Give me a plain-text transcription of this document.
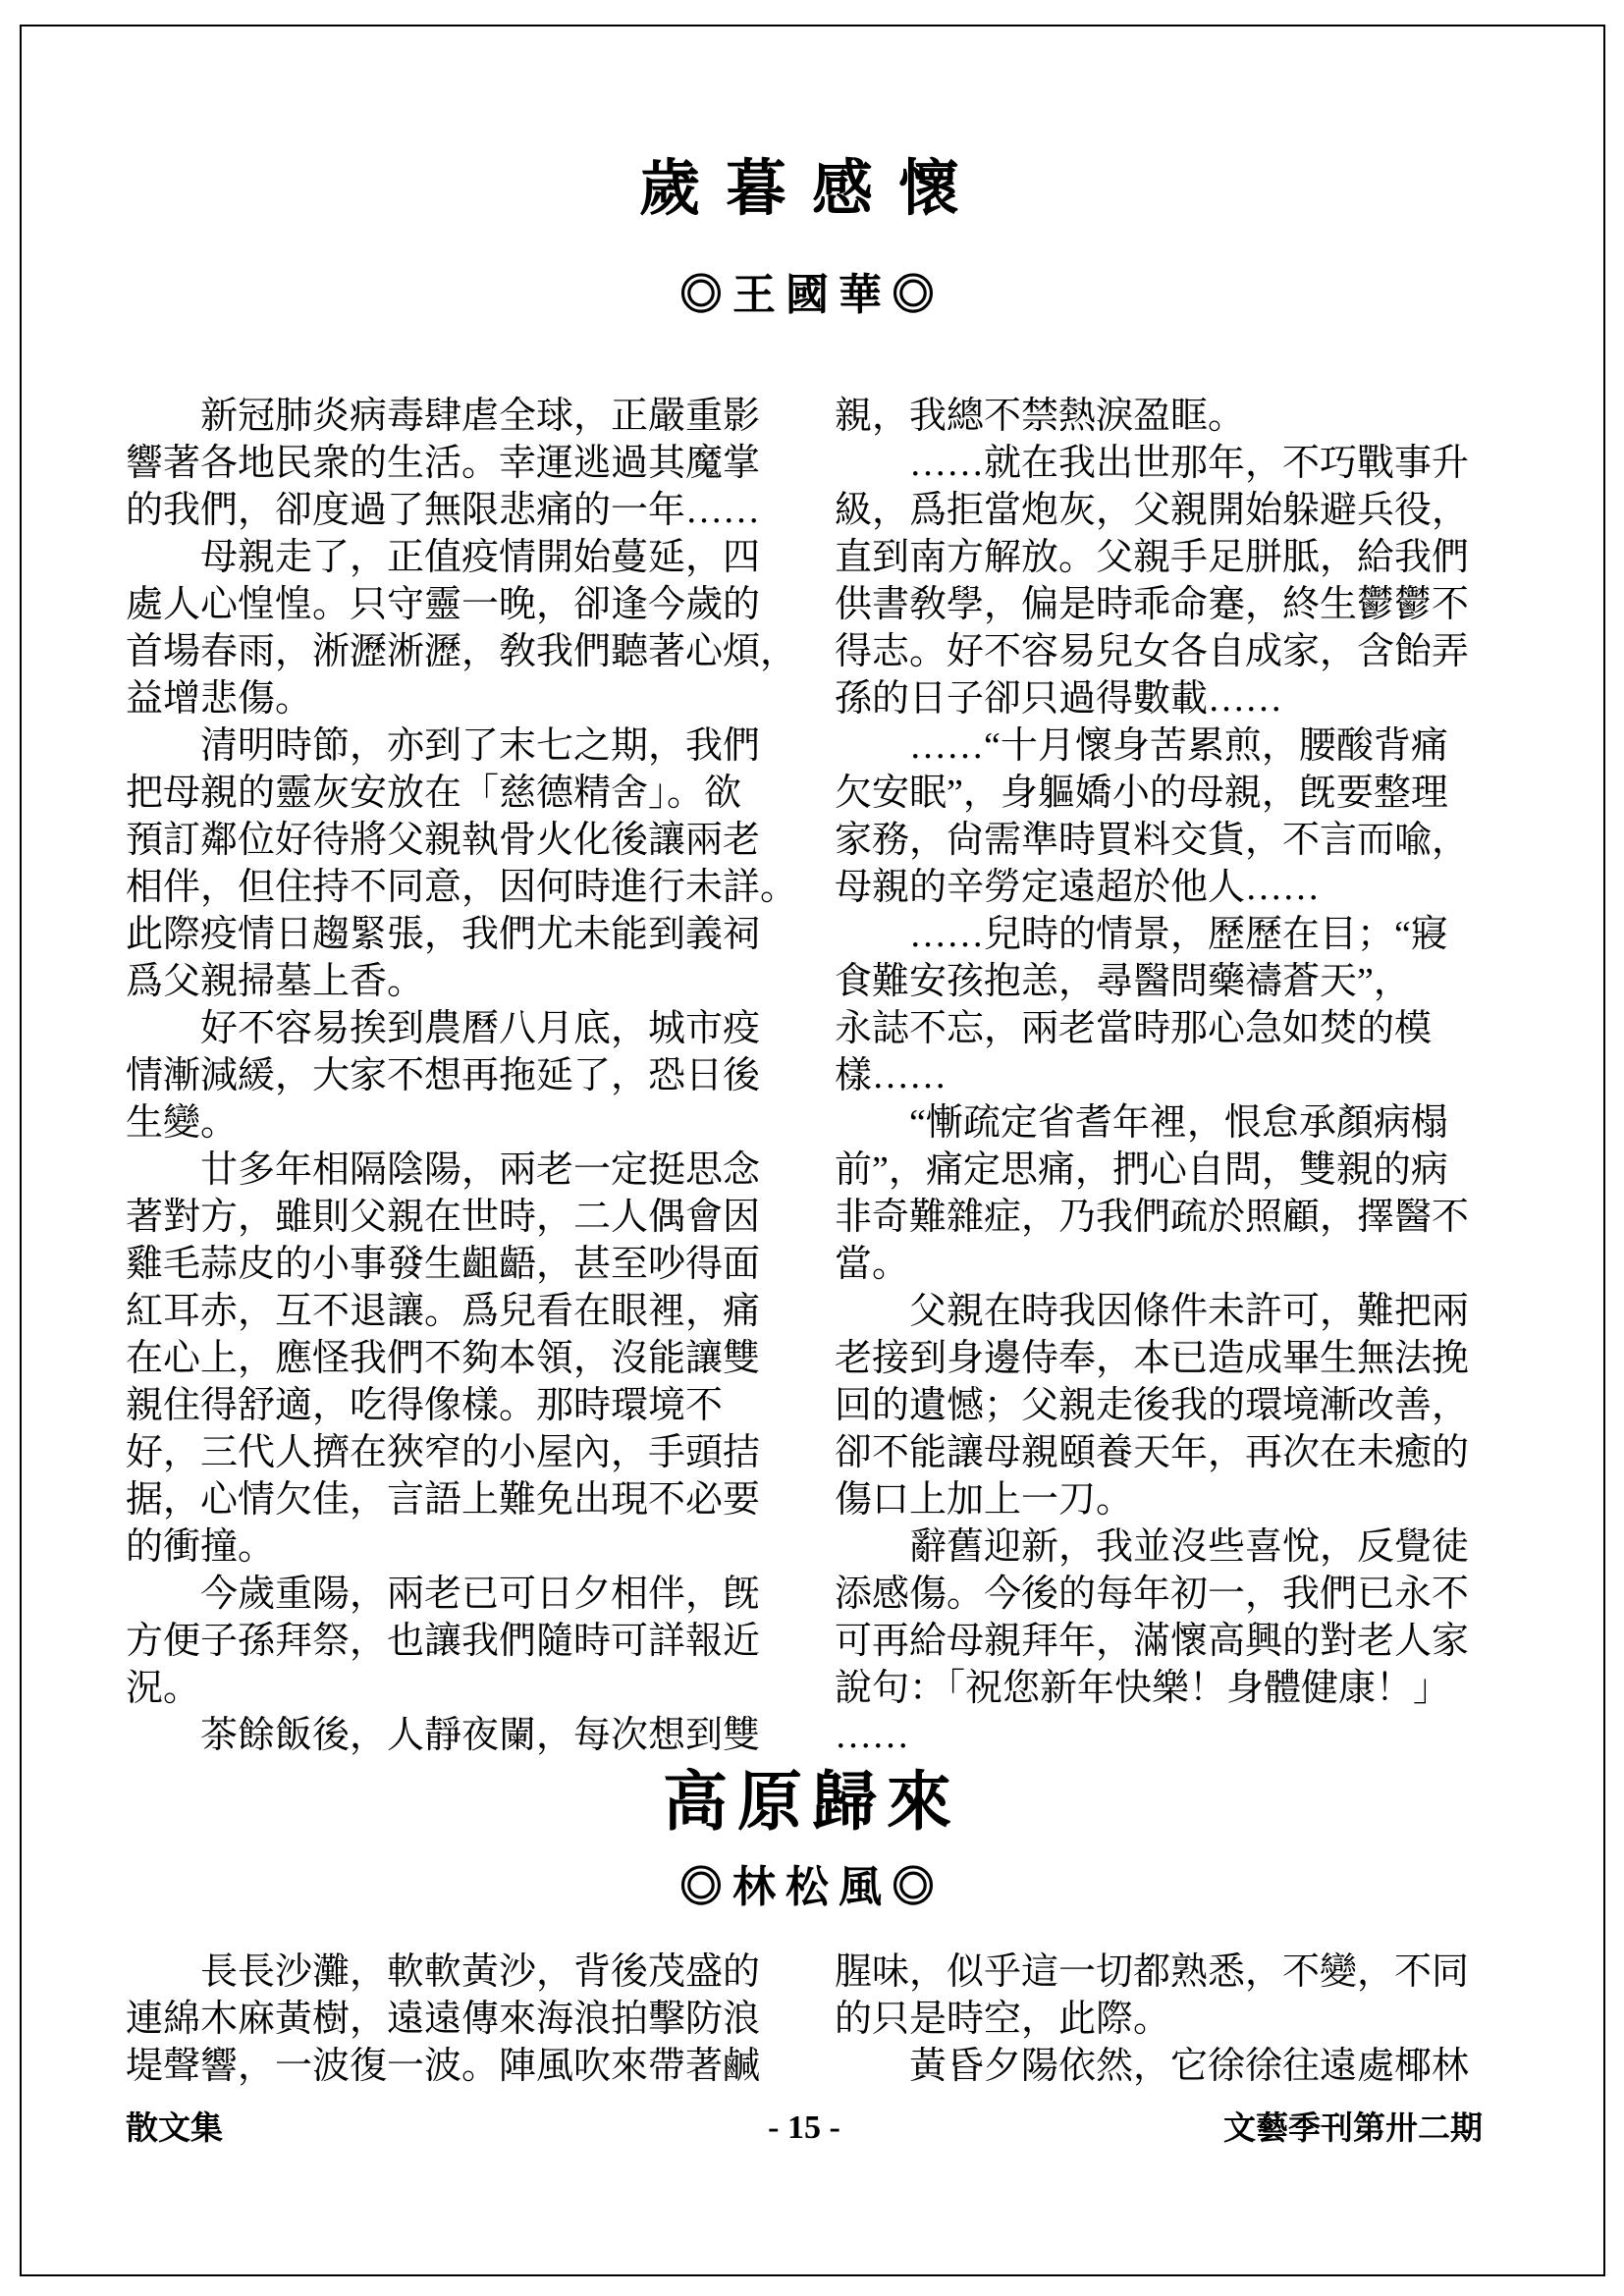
歲暮感懷
◎王國華◎
　　新冠肺炎病毒肆虐全球，正嚴重影
響著各地民衆的生活。幸運逃過其魔掌
的我們，卻度過了無限悲痛的一年……
　　母親走了，正值疫情開始蔓延，四
處人心惶惶。只守靈一晚，卻逢今歲的
首場春雨，淅瀝淅瀝，敎我們聽著心煩，
益增悲傷。
　　清明時節，亦到了末七之期，我們
把母親的靈灰安放在「慈德精舍」。欲
預訂鄰位好待將父親執骨火化後讓兩老
相伴，但住持不同意，因何時進行未詳。
此際疫情日趨緊張，我們尤未能到義祠
爲父親掃墓上香。
　　好不容易挨到農曆八月底，城市疫
情漸減緩，大家不想再拖延了，恐日後
生變。
　　廿多年相隔陰陽，兩老一定挺思念
著對方，雖則父親在世時，二人偶會因
雞毛蒜皮的小事發生齟齬，甚至吵得面
紅耳赤，互不退讓。爲兒看在眼裡，痛
在心上，應怪我們不夠本領，沒能讓雙
親住得舒適，吃得像樣。那時環境不
好，三代人擠在狹窄的小屋內，手頭拮
据，心情欠佳，言語上難免出現不必要
的衝撞。
　　今歲重陽，兩老已可日夕相伴，旣
方便子孫拜祭，也讓我們隨時可詳報近
況。
　　茶餘飯後，人靜夜闌，每次想到雙
親，我總不禁熱淚盈眶。
　　……就在我出世那年，不巧戰事升
級，爲拒當炮灰，父親開始躲避兵役，
直到南方解放。父親手足胼胝，給我們
供書敎學，偏是時乖命蹇，終生鬱鬱不
得志。好不容易兒女各自成家，含飴弄
孫的日子卻只過得數載……
　　……“十月懷身苦累煎，腰酸背痛
欠安眠”，身軀嬌小的母親，旣要整理
家務，尙需準時買料交貨，不言而喩，
母親的辛勞定遠超於他人……
　　……兒時的情景，歷歷在目；“寢
食難安孩抱恙，尋醫問藥禱蒼天”，
永誌不忘，兩老當時那心急如焚的模
樣……
　　“慚疏定省耆年裡，恨怠承顏病榻
前”，痛定思痛，捫心自問，雙親的病
非奇難雜症，乃我們疏於照顧，擇醫不
當。
　　父親在時我因條件未許可，難把兩
老接到身邊侍奉，本已造成畢生無法挽
回的遺憾；父親走後我的環境漸改善，
卻不能讓母親頤養天年，再次在未癒的
傷口上加上一刀。
　　辭舊迎新，我並沒些喜悅，反覺徒
添感傷。今後的每年初一，我們已永不
可再給母親拜年，滿懷高興的對老人家
說句：「祝您新年快樂！身體健康！」
……
高原歸來
◎林松風◎
　　長長沙灘，軟軟黃沙，背後茂盛的
連綿木麻黃樹，遠遠傳來海浪拍擊防浪
堤聲響，一波復一波。陣風吹來帶著鹹
腥味，似乎這一切都熟悉，不變，不同
的只是時空，此際。
　　黃昏夕陽依然，它徐徐往遠處椰林
散文集	- 15 -	文藝季刊第卅二期
